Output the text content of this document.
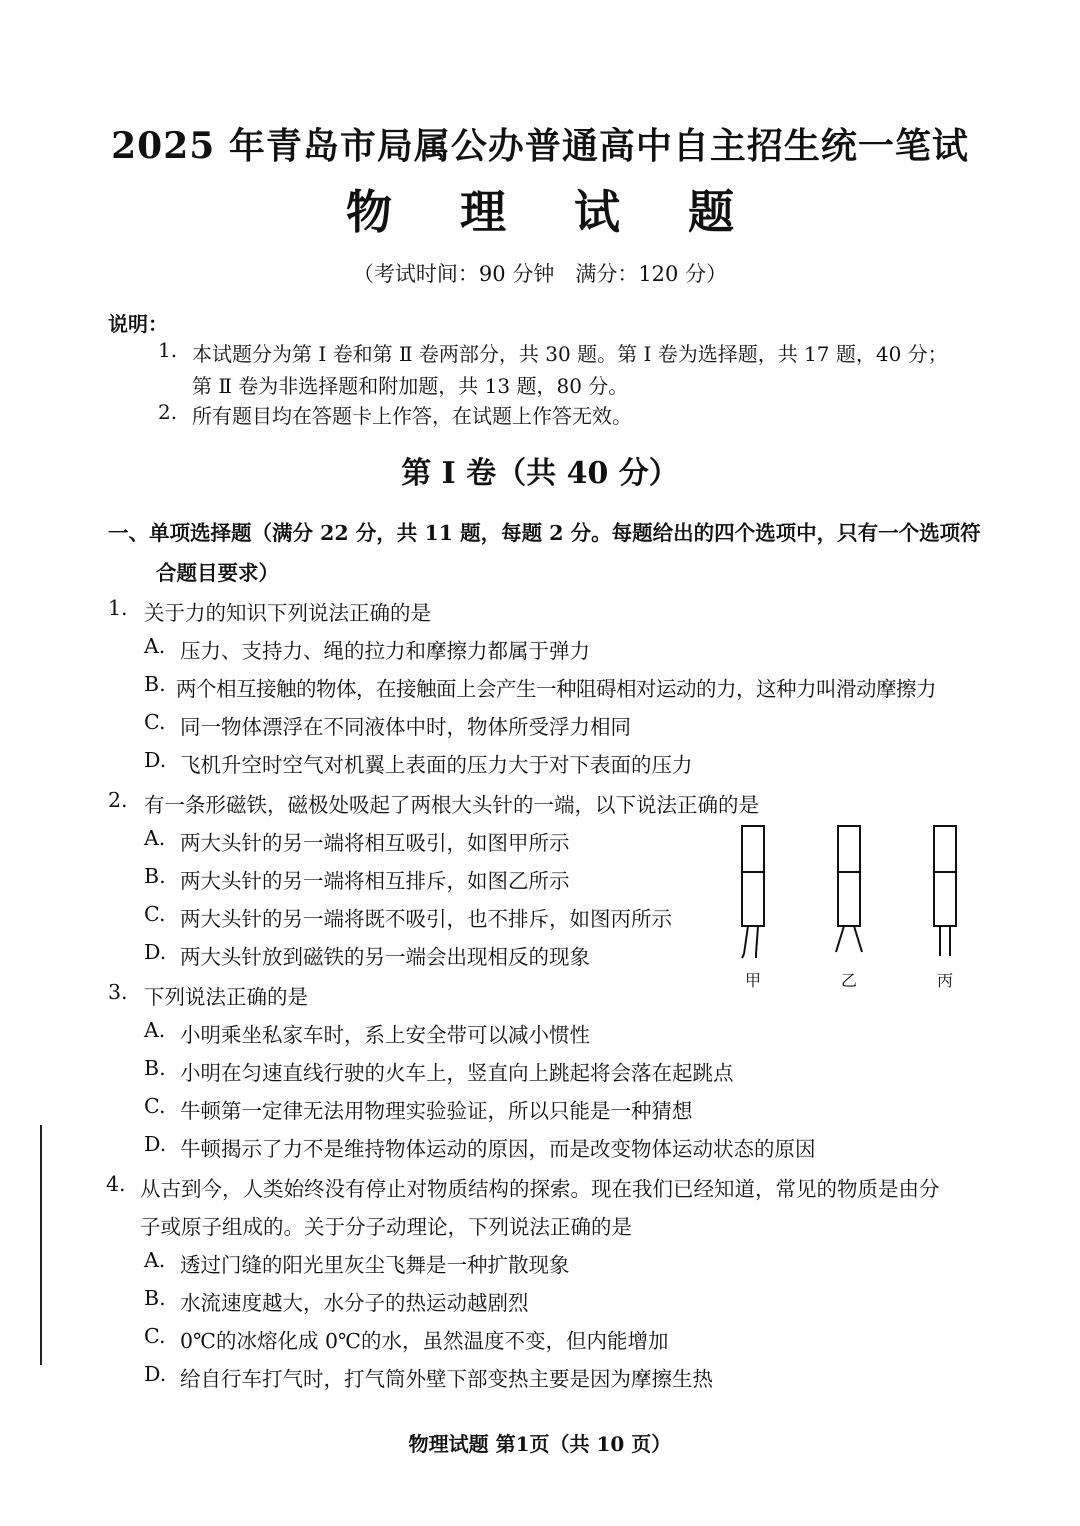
2025 年青岛市局属公办普通高中自主招生统一笔试
物 理 试 题
（考试时间：90 分钟　满分：120 分）
说明：
1. 本试题分为第 Ⅰ 卷和第 Ⅱ 卷两部分，共 30 题。第 Ⅰ 卷为选择题，共 17 题，40 分；
第 Ⅱ 卷为非选择题和附加题，共 13 题，80 分。
2. 所有题目均在答题卡上作答，在试题上作答无效。
第 Ⅰ 卷（共 40 分）
一、单项选择题（满分 22 分，共 11 题，每题 2 分。每题给出的四个选项中，只有一个选项符
合题目要求）
1. 关于力的知识下列说法正确的是
A. 压力、支持力、绳的拉力和摩擦力都属于弹力
B. 两个相互接触的物体，在接触面上会产生一种阻碍相对运动的力，这种力叫滑动摩擦力
C. 同一物体漂浮在不同液体中时，物体所受浮力相同
D. 飞机升空时空气对机翼上表面的压力大于对下表面的压力
2. 有一条形磁铁，磁极处吸起了两根大头针的一端，以下说法正确的是
A. 两大头针的另一端将相互吸引，如图甲所示
B. 两大头针的另一端将相互排斥，如图乙所示
C. 两大头针的另一端将既不吸引，也不排斥，如图丙所示
D. 两大头针放到磁铁的另一端会出现相反的现象
甲	乙	丙
3. 下列说法正确的是
A. 小明乘坐私家车时，系上安全带可以减小惯性
B. 小明在匀速直线行驶的火车上，竖直向上跳起将会落在起跳点
C. 牛顿第一定律无法用物理实验验证，所以只能是一种猜想
D. 牛顿揭示了力不是维持物体运动的原因，而是改变物体运动状态的原因
4. 从古到今，人类始终没有停止对物质结构的探索。现在我们已经知道，常见的物质是由分
子或原子组成的。关于分子动理论，下列说法正确的是
A. 透过门缝的阳光里灰尘飞舞是一种扩散现象
B. 水流速度越大，水分子的热运动越剧烈
C. 0℃的冰熔化成 0℃的水，虽然温度不变，但内能增加
D. 给自行车打气时，打气筒外壁下部变热主要是因为摩擦生热
物理试题 第1页（共 10 页）
